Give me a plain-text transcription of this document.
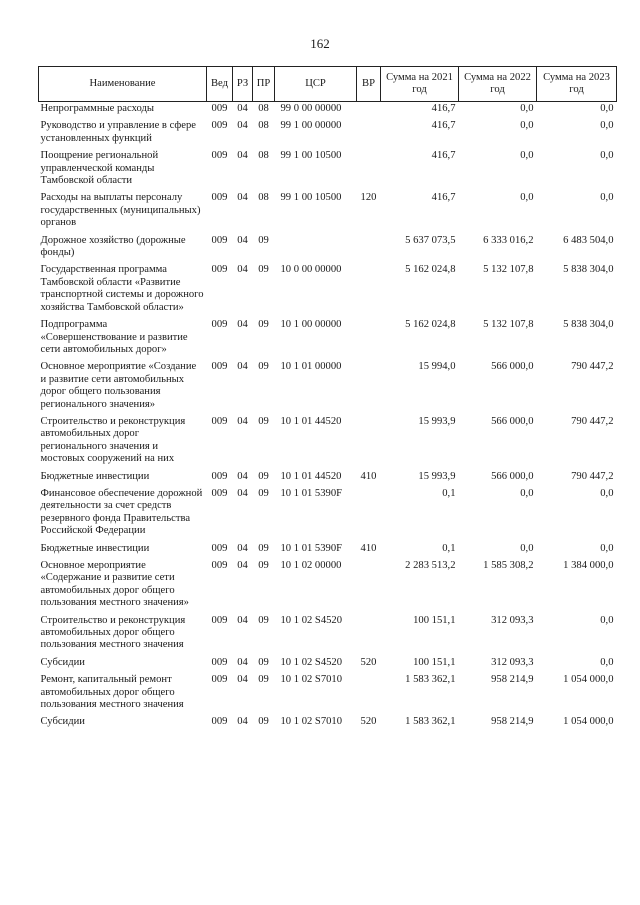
162
Наименование	Вед	РЗ	ПР	ЦСР	ВР	Сумма на 2021 год	Сумма на 2022 год	Сумма на 2023 год
Непрограммные расходы	009	04	08	99 0 00 00000		416,7	0,0	0,0
Руководство и управление в сфере установленных функций	009	04	08	99 1 00 00000		416,7	0,0	0,0
Поощрение региональной управленческой команды Тамбовской области	009	04	08	99 1 00 10500		416,7	0,0	0,0
Расходы на выплаты персоналу государственных (муниципальных) органов	009	04	08	99 1 00 10500	120	416,7	0,0	0,0
Дорожное хозяйство (дорожные фонды)	009	04	09			5 637 073,5	6 333 016,2	6 483 504,0
Государственная программа Тамбовской области «Развитие транспортной системы и дорожного хозяйства Тамбовской области»	009	04	09	10 0 00 00000		5 162 024,8	5 132 107,8	5 838 304,0
Подпрограмма «Совершенствование и развитие сети автомобильных дорог»	009	04	09	10 1 00 00000		5 162 024,8	5 132 107,8	5 838 304,0
Основное мероприятие «Создание и развитие сети автомобильных дорог общего пользования регионального значения»	009	04	09	10 1 01 00000		15 994,0	566 000,0	790 447,2
Строительство и реконструкция автомобильных дорог регионального значения и мостовых сооружений на них	009	04	09	10 1 01 44520		15 993,9	566 000,0	790 447,2
Бюджетные инвестиции	009	04	09	10 1 01 44520	410	15 993,9	566 000,0	790 447,2
Финансовое обеспечение дорожной деятельности за счет средств резервного фонда Правительства Российской Федерации	009	04	09	10 1 01 5390F		0,1	0,0	0,0
Бюджетные инвестиции	009	04	09	10 1 01 5390F	410	0,1	0,0	0,0
Основное мероприятие «Содержание и развитие сети автомобильных дорог общего пользования местного значения»	009	04	09	10 1 02 00000		2 283 513,2	1 585 308,2	1 384 000,0
Строительство и реконструкция автомобильных дорог общего пользования местного значения	009	04	09	10 1 02 S4520		100 151,1	312 093,3	0,0
Субсидии	009	04	09	10 1 02 S4520	520	100 151,1	312 093,3	0,0
Ремонт, капитальный ремонт автомобильных дорог общего пользования местного значения	009	04	09	10 1 02 S7010		1 583 362,1	958 214,9	1 054 000,0
Субсидии	009	04	09	10 1 02 S7010	520	1 583 362,1	958 214,9	1 054 000,0
